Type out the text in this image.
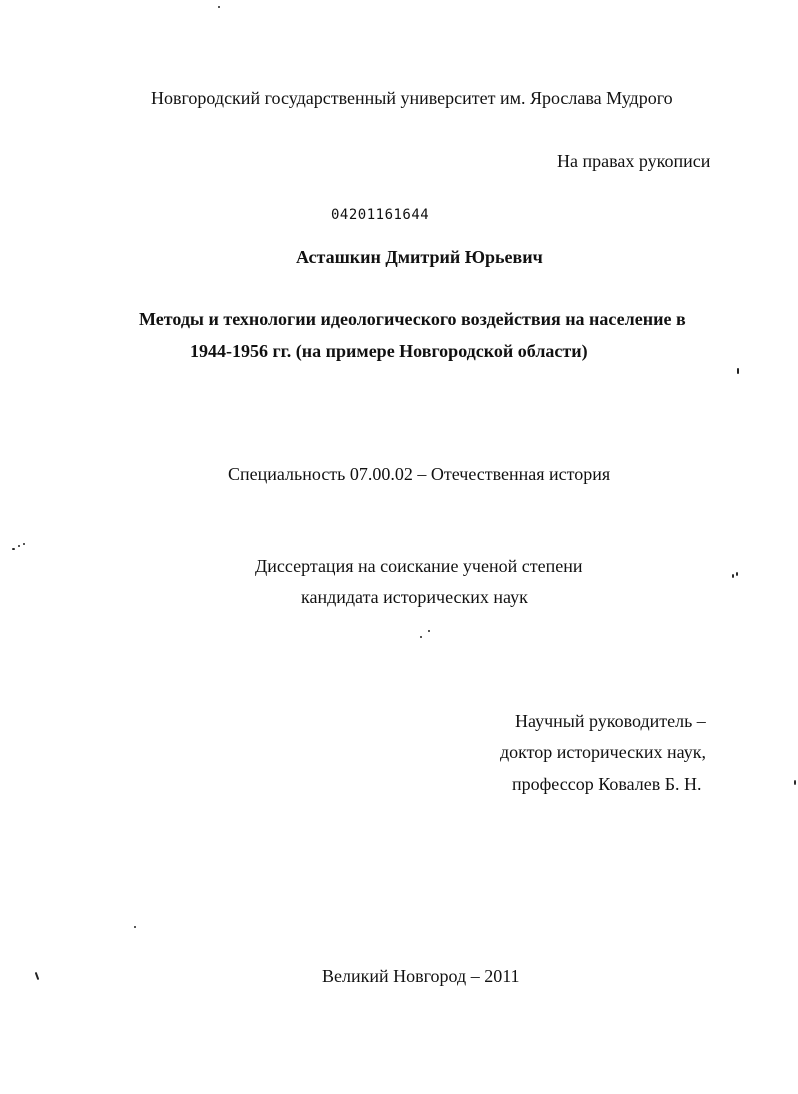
Новгородский государственный университет им. Ярослава Мудрого
На правах рукописи
04201161644
Асташкин Дмитрий Юрьевич
Методы и технологии идеологического воздействия на население в
1944-1956 гг. (на примере Новгородской области)
Специальность 07.00.02 – Отечественная история
Диссертация на соискание ученой степени
кандидата исторических наук
Научный руководитель –
доктор исторических наук,
профессор Ковалев Б. Н.
Великий Новгород – 2011
